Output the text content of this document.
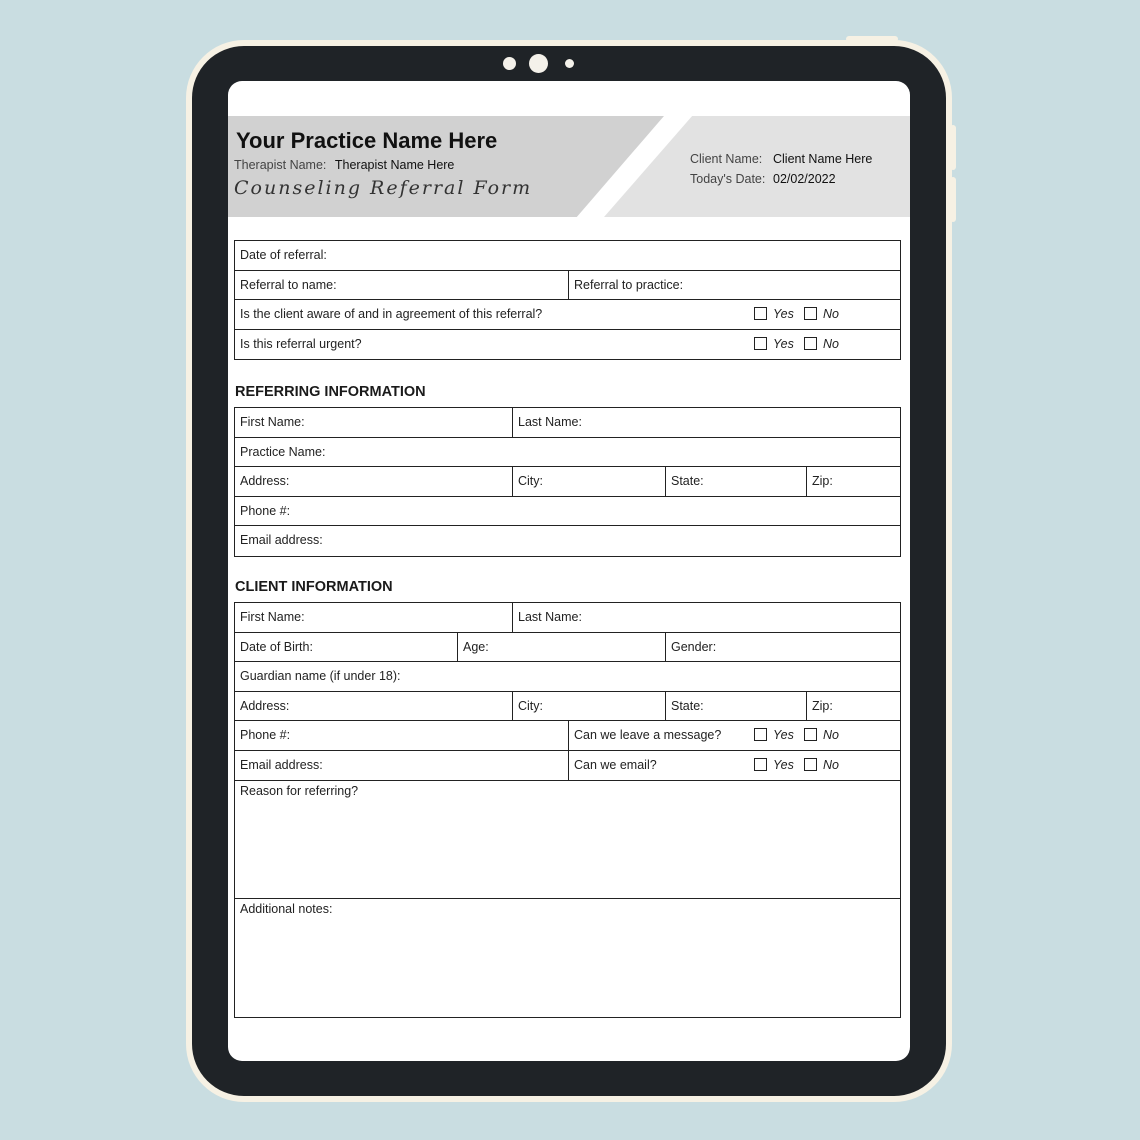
Your Practice Name Here
Therapist Name: Therapist Name Here
Counseling Referral Form
Client Name: Client Name Here
Today's Date: 02/02/2022
Date of referral:
Referral to name:	Referral to practice:
Is the client aware of and in agreement of this referral?	Yes	No
Is this referral urgent?	Yes	No
REFERRING INFORMATION
First Name:	Last Name:
Practice Name:
Address:	City:	State:	Zip:
Phone #:
Email address:
CLIENT INFORMATION
First Name:	Last Name:
Date of Birth:	Age:	Gender:
Guardian name (if under 18):
Address:	City:	State:	Zip:
Phone #:	Can we leave a message?	Yes	No
Email address:	Can we email?	Yes	No
Reason for referring?
Additional notes:
